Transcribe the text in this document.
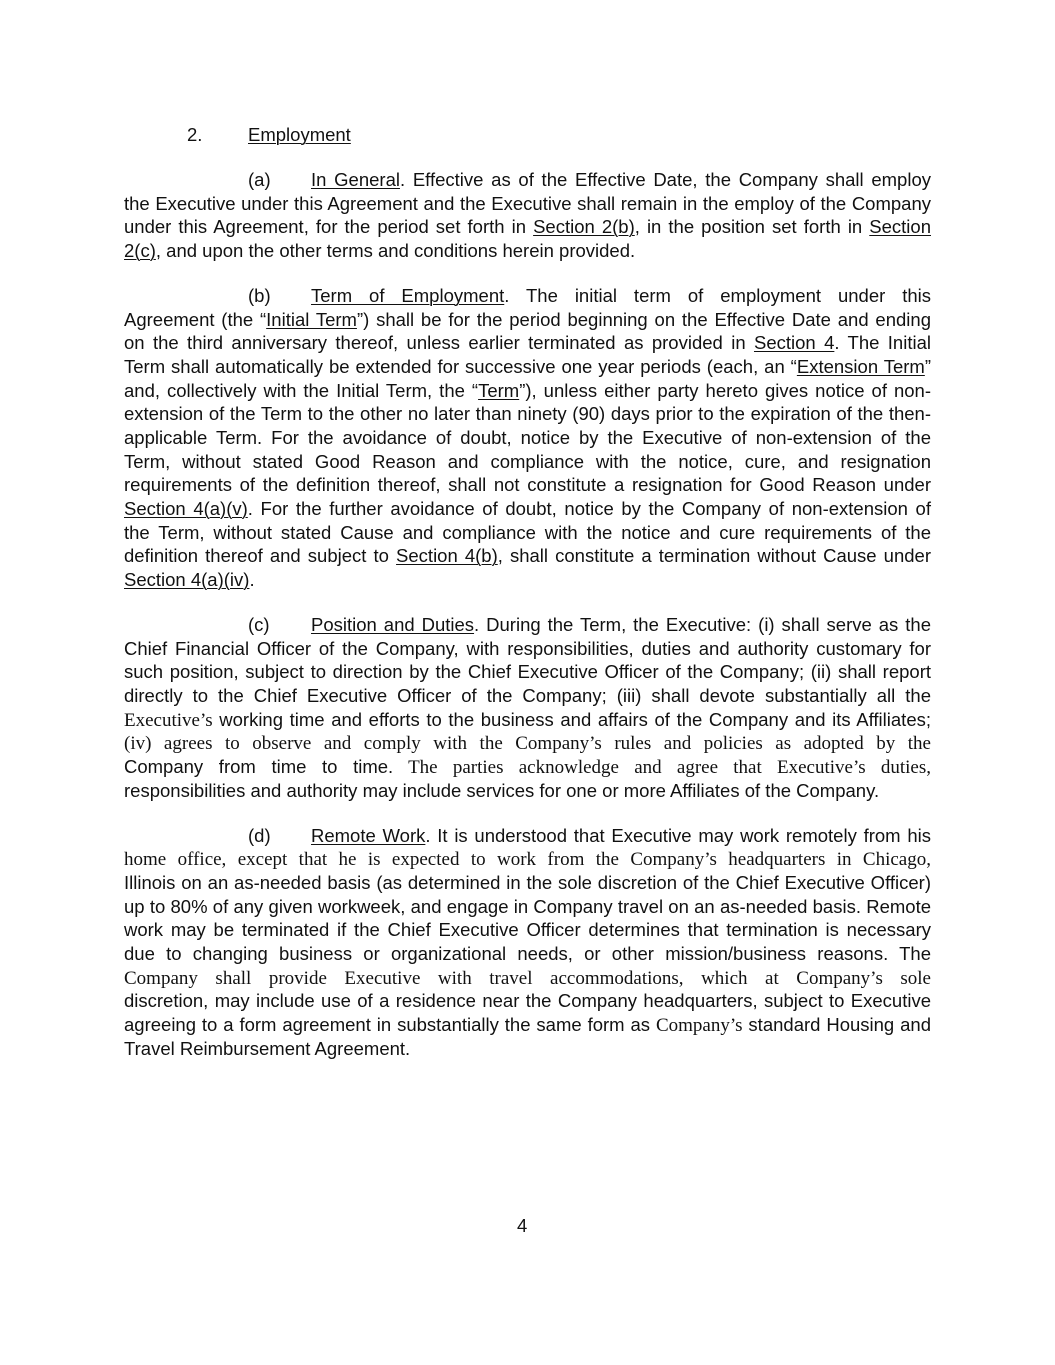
2. Employment
(a) In General. Effective as of the Effective Date, the Company shall employ
the Executive under this Agreement and the Executive shall remain in the employ of the Company
under this Agreement, for the period set forth in Section 2(b), in the position set forth in Section
2(c), and upon the other terms and conditions herein provided.
(b) Term of Employment. The initial term of employment under this
Agreement (the “Initial Term”) shall be for the period beginning on the Effective Date and ending
on the third anniversary thereof, unless earlier terminated as provided in Section 4. The Initial
Term shall automatically be extended for successive one year periods (each, an “Extension Term”
and, collectively with the Initial Term, the “Term”), unless either party hereto gives notice of non-
extension of the Term to the other no later than ninety (90) days prior to the expiration of the then-
applicable Term. For the avoidance of doubt, notice by the Executive of non-extension of the
Term, without stated Good Reason and compliance with the notice, cure, and resignation
requirements of the definition thereof, shall not constitute a resignation for Good Reason under
Section 4(a)(v). For the further avoidance of doubt, notice by the Company of non-extension of
the Term, without stated Cause and compliance with the notice and cure requirements of the
definition thereof and subject to Section 4(b), shall constitute a termination without Cause under
Section 4(a)(iv).
(c) Position and Duties. During the Term, the Executive: (i) shall serve as the
Chief Financial Officer of the Company, with responsibilities, duties and authority customary for
such position, subject to direction by the Chief Executive Officer of the Company; (ii) shall report
directly to the Chief Executive Officer of the Company; (iii) shall devote substantially all the
Executive’s working time and efforts to the business and affairs of the Company and its Affiliates;
(iv) agrees to observe and comply with the Company’s rules and policies as adopted by the
Company from time to time. The parties acknowledge and agree that Executive’s duties,
responsibilities and authority may include services for one or more Affiliates of the Company.
(d) Remote Work. It is understood that Executive may work remotely from his
home office, except that he is expected to work from the Company’s headquarters in Chicago,
Illinois on an as-needed basis (as determined in the sole discretion of the Chief Executive Officer)
up to 80% of any given workweek, and engage in Company travel on an as-needed basis. Remote
work may be terminated if the Chief Executive Officer determines that termination is necessary
due to changing business or organizational needs, or other mission/business reasons. The
Company shall provide Executive with travel accommodations, which at Company’s sole
discretion, may include use of a residence near the Company headquarters, subject to Executive
agreeing to a form agreement in substantially the same form as Company’s standard Housing and
Travel Reimbursement Agreement.
4
